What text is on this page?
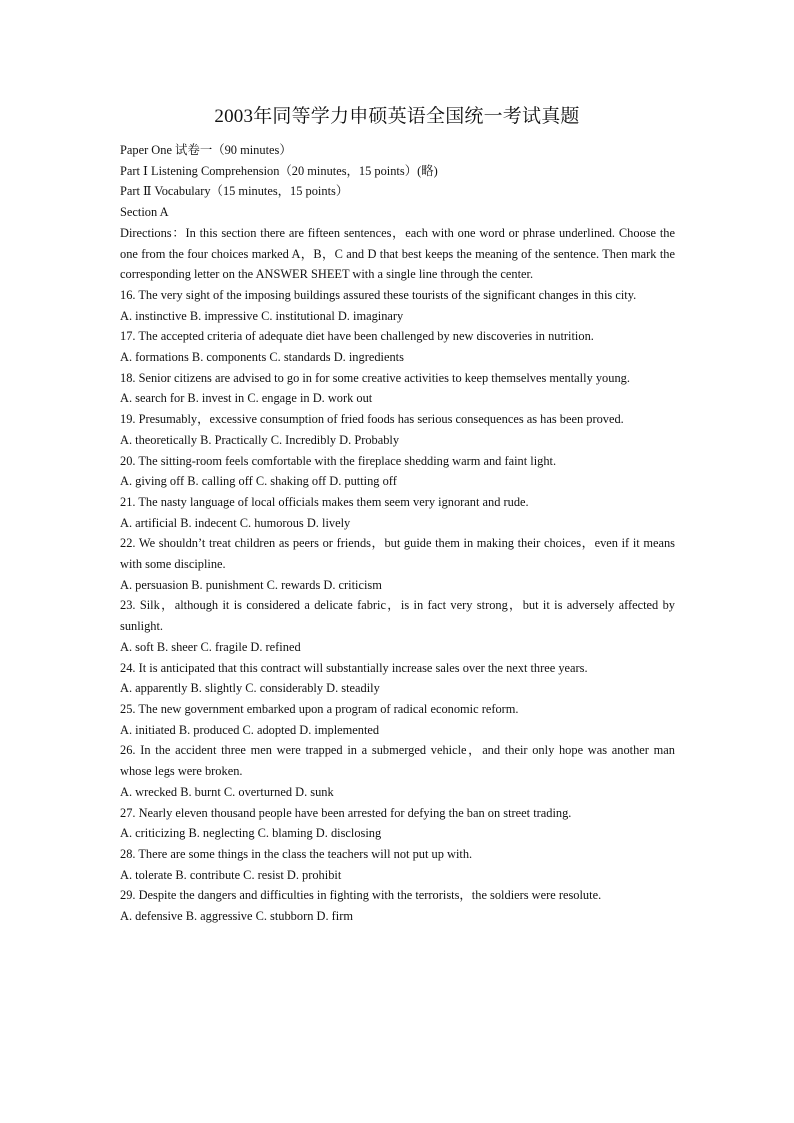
2003年同等学力申硕英语全国统一考试真题
Paper One 试卷一（90 minutes）
Part Ⅰ Listening Comprehension（20 minutes，15 points）(略)
Part Ⅱ Vocabulary（15 minutes，15 points）
Section A
Directions：In this section there are fifteen sentences，each with one word or phrase underlined. Choose the one from the four choices marked A，B，C and D that best keeps the meaning of the sentence. Then mark the corresponding letter on the ANSWER SHEET with a single line through the center.
16. The very sight of the imposing buildings assured these tourists of the significant changes in this city.
A. instinctive B. impressive C. institutional D. imaginary
17. The accepted criteria of adequate diet have been challenged by new discoveries in nutrition.
A. formations B. components C. standards D. ingredients
18. Senior citizens are advised to go in for some creative activities to keep themselves mentally young.
A. search for B. invest in C. engage in D. work out
19. Presumably，excessive consumption of fried foods has serious consequences as has been proved.
A. theoretically B. Practically C. Incredibly D. Probably
20. The sitting-room feels comfortable with the fireplace shedding warm and faint light.
A. giving off B. calling off C. shaking off D. putting off
21. The nasty language of local officials makes them seem very ignorant and rude.
A. artificial B. indecent C. humorous D. lively
22. We shouldn’t treat children as peers or friends，but guide them in making their choices，even if it means with some discipline.
A. persuasion B. punishment C. rewards D. criticism
23. Silk，although it is considered a delicate fabric，is in fact very strong，but it is adversely affected by sunlight.
A. soft B. sheer C. fragile D. refined
24. It is anticipated that this contract will substantially increase sales over the next three years.
A. apparently B. slightly C. considerably D. steadily
25. The new government embarked upon a program of radical economic reform.
A. initiated B. produced C. adopted D. implemented
26. In the accident three men were trapped in a submerged vehicle，and their only hope was another man whose legs were broken.
A. wrecked B. burnt C. overturned D. sunk
27. Nearly eleven thousand people have been arrested for defying the ban on street trading.
A. criticizing B. neglecting C. blaming D. disclosing
28. There are some things in the class the teachers will not put up with.
A. tolerate B. contribute C. resist D. prohibit
29. Despite the dangers and difficulties in fighting with the terrorists，the soldiers were resolute.
A. defensive B. aggressive C. stubborn D. firm
